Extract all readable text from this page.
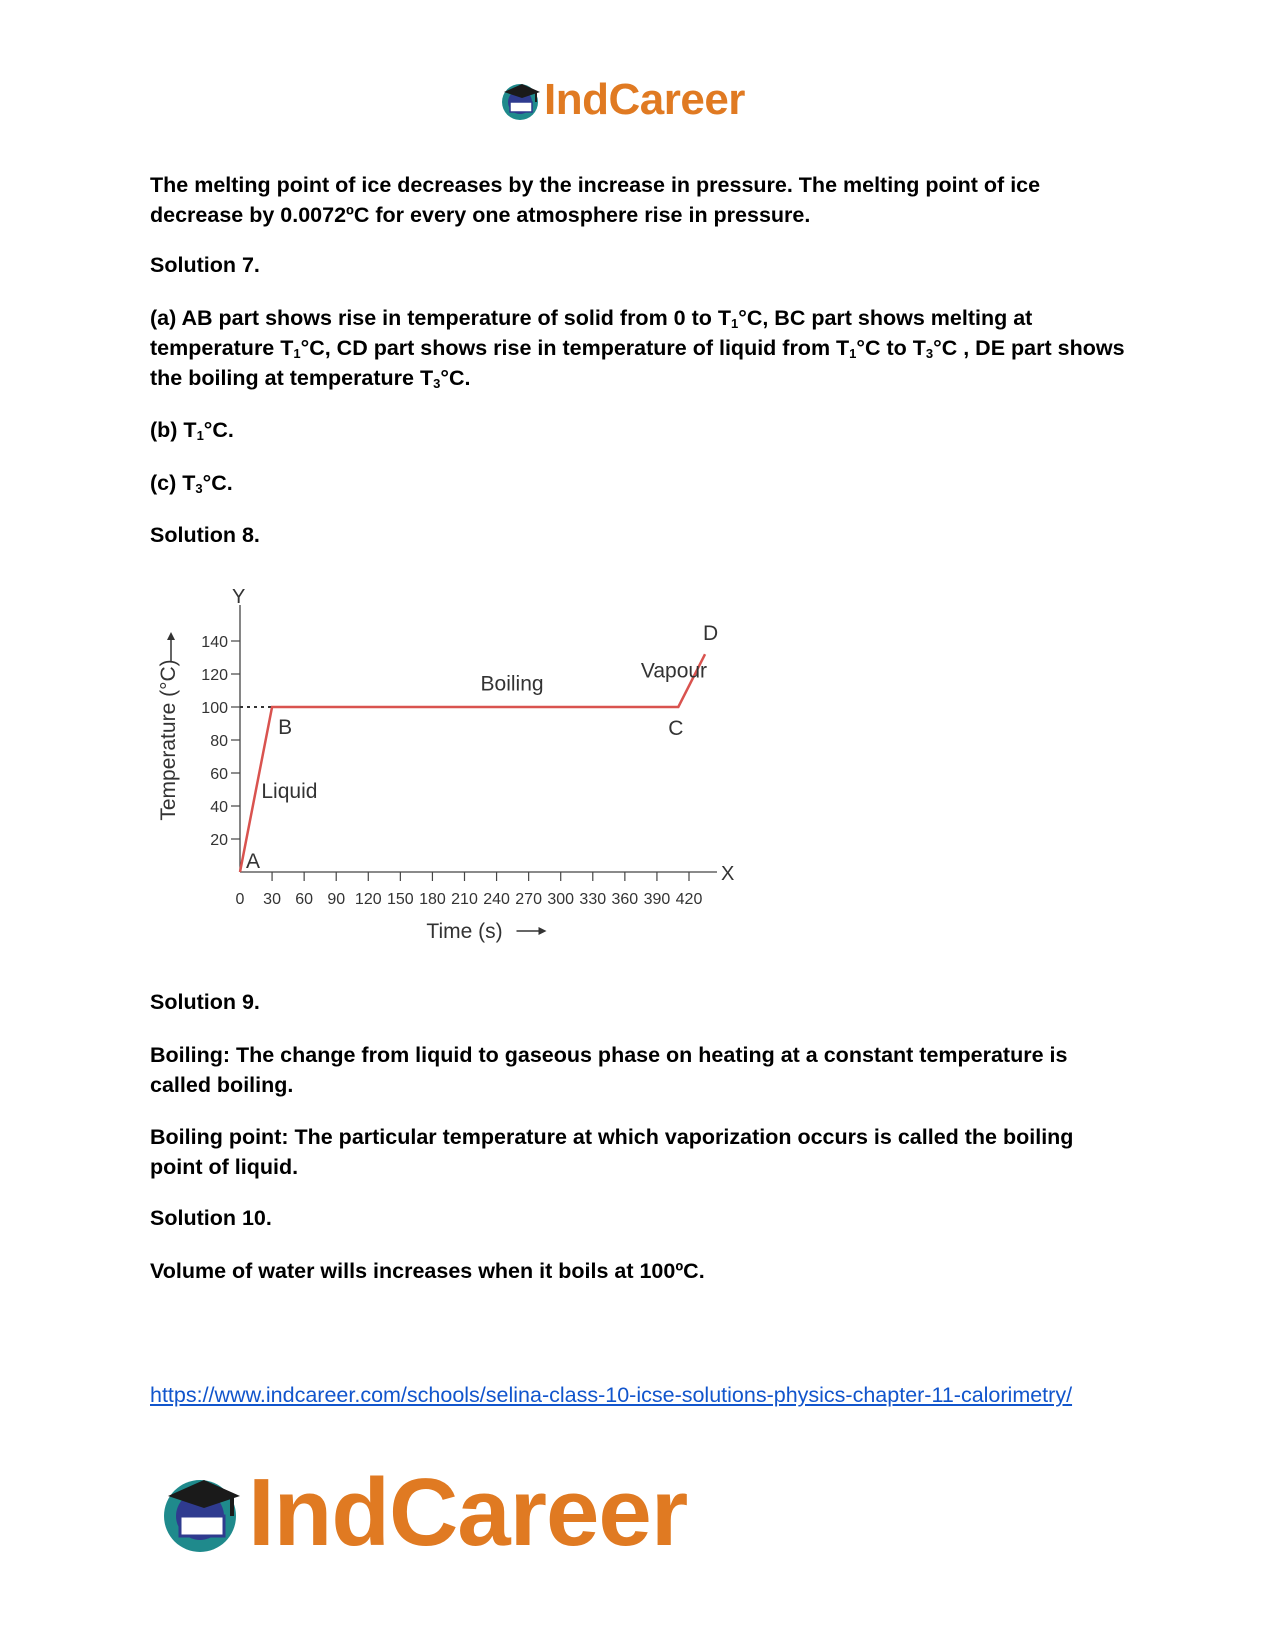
IndCareer

The melting point of ice decreases by the increase in pressure. The melting point of ice decrease by 0.0072ºC for every one atmosphere rise in pressure.

Solution 7.

(a) AB part shows rise in temperature of solid from 0 to $T_1^\circ C$, BC part shows melting at temperature $T_1^\circ C$, CD part shows rise in temperature of liquid from $T_1^\circ C$ to $T_3^\circ C$ , DE part shows the boiling at temperature $T_3^\circ C$.

(b) $T_1^\circ C$.

(c) $T_3^\circ C$.

Solution 8.

Solution 9.

Boiling: The change from liquid to gaseous phase on heating at a constant temperature is called boiling.

Boiling point: The particular temperature at which vaporization occurs is called the boiling point of liquid.

Solution 10.

Volume of water wills increases when it boils at 100ºC.

0 30 60 90 120 150 180 210 240 270 300 330 360 390 420
20
40
60
80
100
120
140
Y
X
Time (s)
Temperature (°C)
A
B	C
D
Liquid
Boiling
Vapour
https://www.indcareer.com/schools/selina-class-10-icse-solutions-physics-chapter-11-calorimetry/
IndCareer
